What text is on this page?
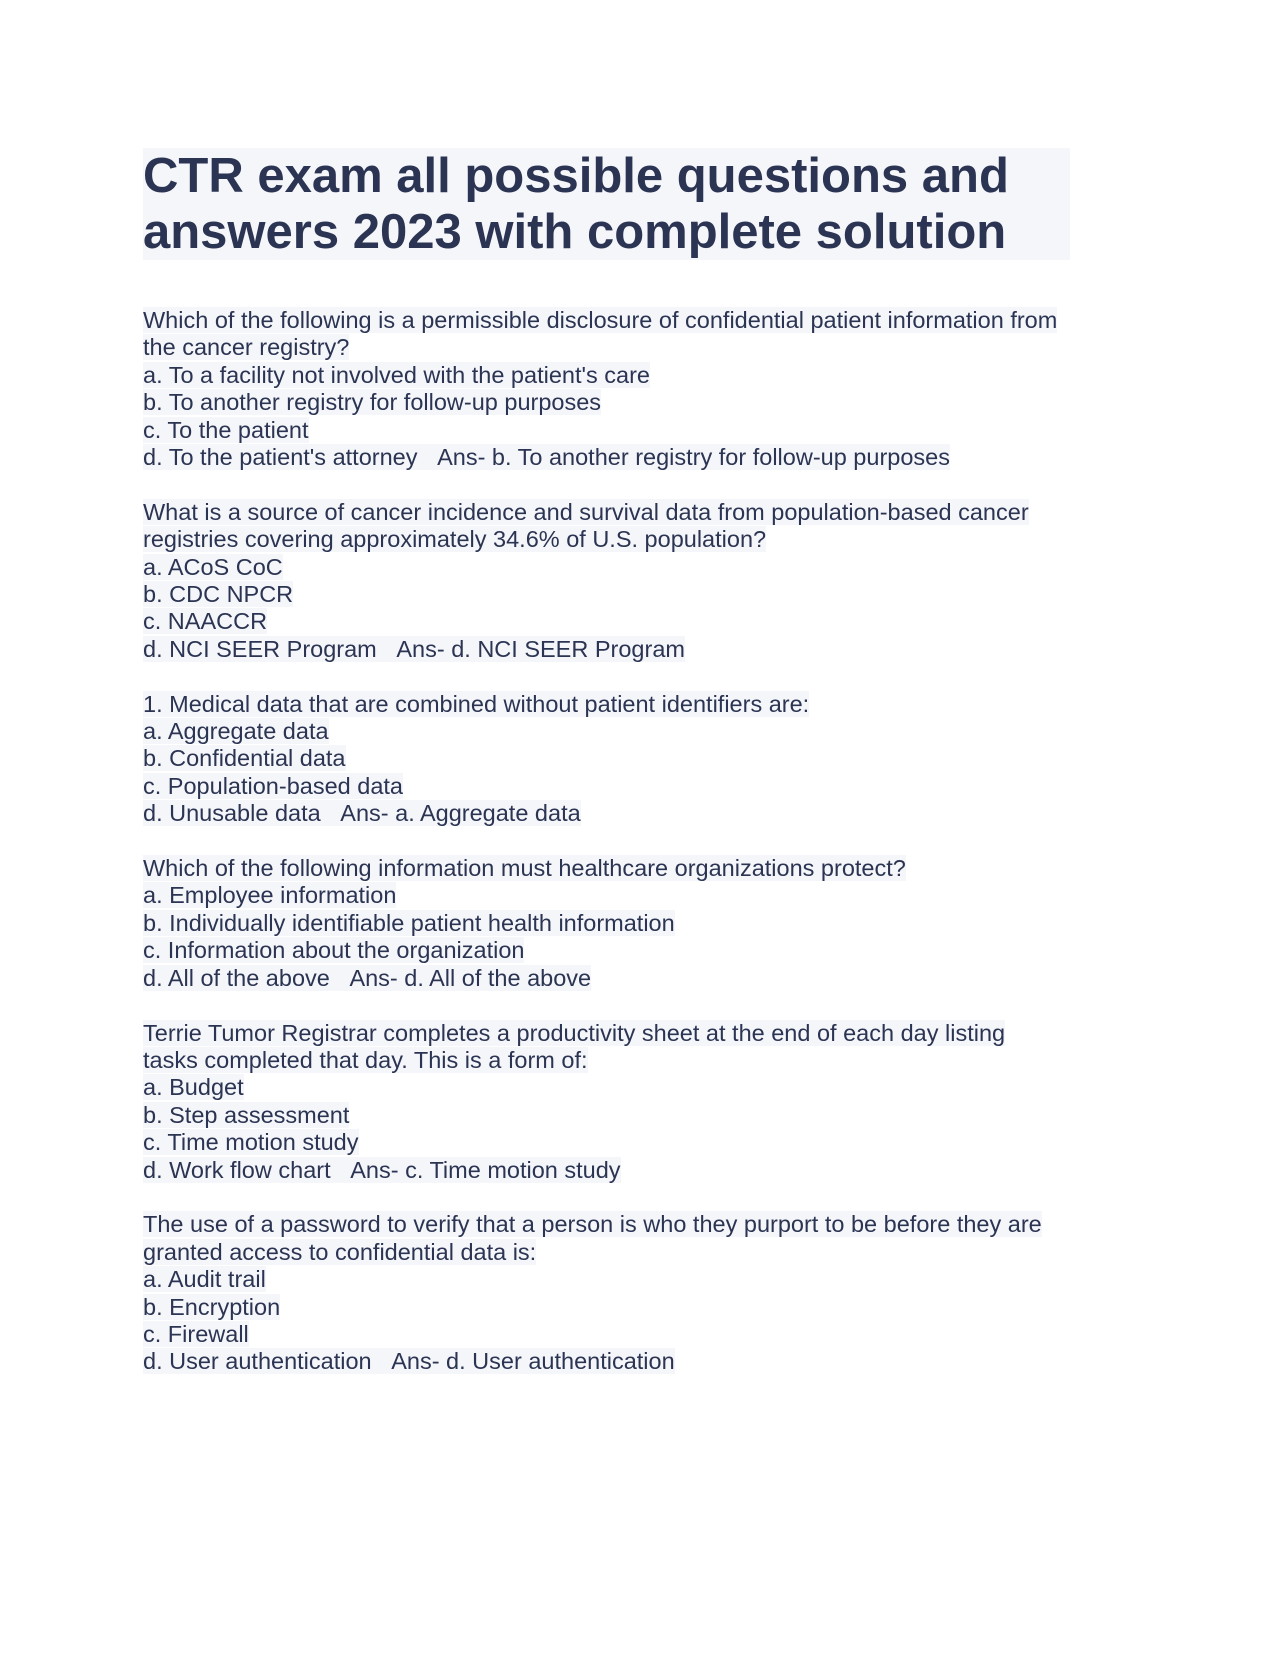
CTR exam all possible questions and answers 2023 with complete solution
Which of the following is a permissible disclosure of confidential patient information from
the cancer registry?
a. To a facility not involved with the patient's care
b. To another registry for follow-up purposes
c. To the patient
d. To the patient's attorney Ans- b. To another registry for follow-up purposes
What is a source of cancer incidence and survival data from population-based cancer
registries covering approximately 34.6% of U.S. population?
a. ACoS CoC
b. CDC NPCR
c. NAACCR
d. NCI SEER Program Ans- d. NCI SEER Program
1. Medical data that are combined without patient identifiers are:
a. Aggregate data
b. Confidential data
c. Population-based data
d. Unusable data Ans- a. Aggregate data
Which of the following information must healthcare organizations protect?
a. Employee information
b. Individually identifiable patient health information
c. Information about the organization
d. All of the above Ans- d. All of the above
Terrie Tumor Registrar completes a productivity sheet at the end of each day listing
tasks completed that day. This is a form of:
a. Budget
b. Step assessment
c. Time motion study
d. Work flow chart Ans- c. Time motion study
The use of a password to verify that a person is who they purport to be before they are
granted access to confidential data is:
a. Audit trail
b. Encryption
c. Firewall
d. User authentication Ans- d. User authentication
